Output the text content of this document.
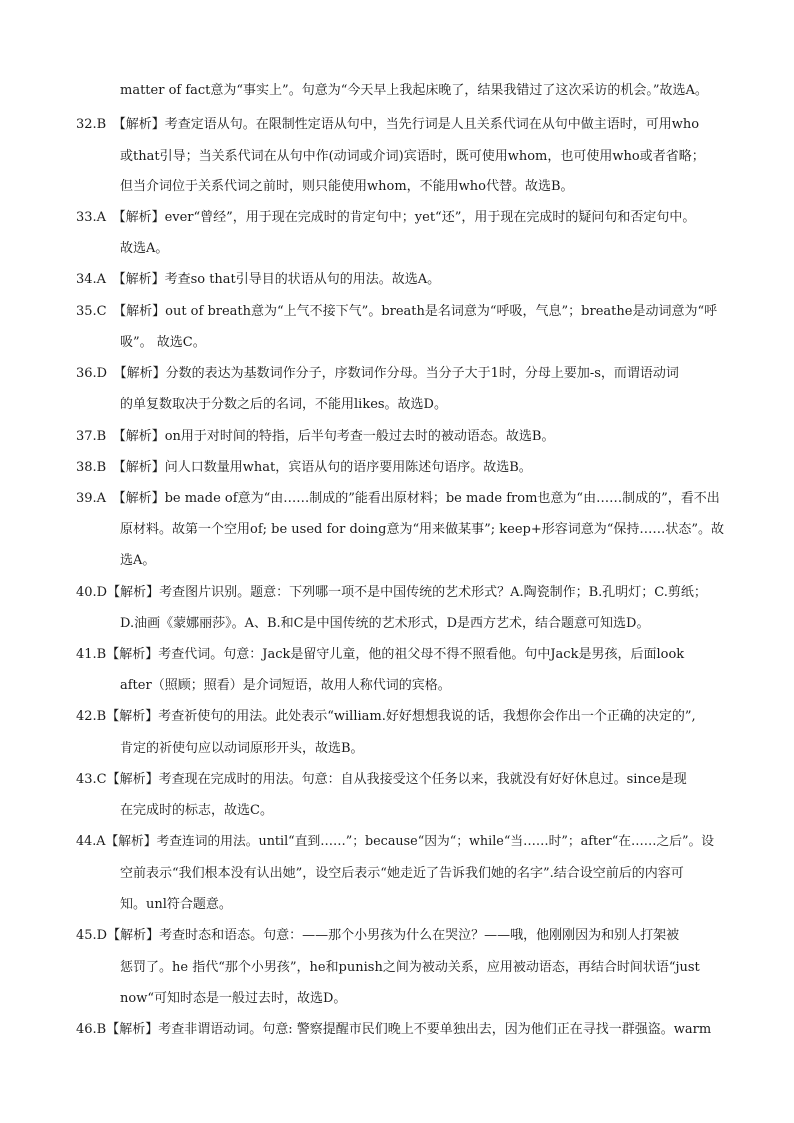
matter of fact意为“事实上”。句意为“今天早上我起床晚了，结果我错过了这次采访的机会。”故选A。
32.B　【解析】考查定语从句。在限制性定语从句中，当先行词是人且关系代词在从句中做主语时，可用who
或that引导；当关系代词在从句中作(动词或介词)宾语时，既可使用whom，也可使用who或者省略；
但当介词位于关系代词之前时，则只能使用whom，不能用who代替。故选B。
33.A　【解析】ever“曾经”，用于现在完成时的肯定句中；yet“还”，用于现在完成时的疑问句和否定句中。
故选A。
34.A　【解析】考查so that引导目的状语从句的用法。故选A。
35.C　【解析】out of breath意为“上气不接下气”。breath是名词意为“呼吸，气息”；breathe是动词意为“呼
吸”。 故选C。
36.D　【解析】分数的表达为基数词作分子，序数词作分母。当分子大于1时，分母上要加-s，而谓语动词
的单复数取决于分数之后的名词，不能用likes。故选D。
37.B　【解析】on用于对时间的特指，后半句考查一般过去时的被动语态。故选B。
38.B　【解析】问人口数量用what，宾语从句的语序要用陈述句语序。故选B。
39.A　【解析】be made of意为“由……制成的”能看出原材料；be made from也意为“由……制成的”，看不出
原材料。故第一个空用of; be used for doing意为“用来做某事”; keep+形容词意为“保持……状态”。故
选A。
40.D【解析】考查图片识别。题意：下列哪一项不是中国传统的艺术形式？A.陶瓷制作；B.孔明灯；C.剪纸；
D.油画《蒙娜丽莎》。A、B.和C是中国传统的艺术形式，D是西方艺术，结合题意可知选D。
41.B【解析】考查代词。句意：Jack是留守儿童，他的祖父母不得不照看他。句中Jack是男孩，后面look
after（照顾；照看）是介词短语，故用人称代词的宾格。
42.B【解析】考查祈使句的用法。此处表示“william.好好想想我说的话，我想你会作出一个正确的决定的”,
肯定的祈使句应以动词原形开头，故选B。
43.C【解析】考查现在完成时的用法。句意：自从我接受这个任务以来，我就没有好好休息过。since是现
在完成时的标志，故选C。
44.A【解析】考查连词的用法。until“直到……”；because“因为“；while“当……时”；after“在……之后”。设
空前表示“我们根本没有认出她”，设空后表示“她走近了告诉我们她的名字”.结合设空前后的内容可
知。unl符合题意。
45.D【解析】考查时态和语态。句意：——那个小男孩为什么在哭泣？——哦，他刚刚因为和别人打架被
惩罚了。he 指代“那个小男孩”，he和punish之间为被动关系，应用被动语态，再结合时间状语“just
now“可知时态是一般过去时，故选D。
46.B【解析】考查非谓语动词。句意: 警察提醒市民们晚上不要单独出去，因为他们正在寻找一群强盗。warm
